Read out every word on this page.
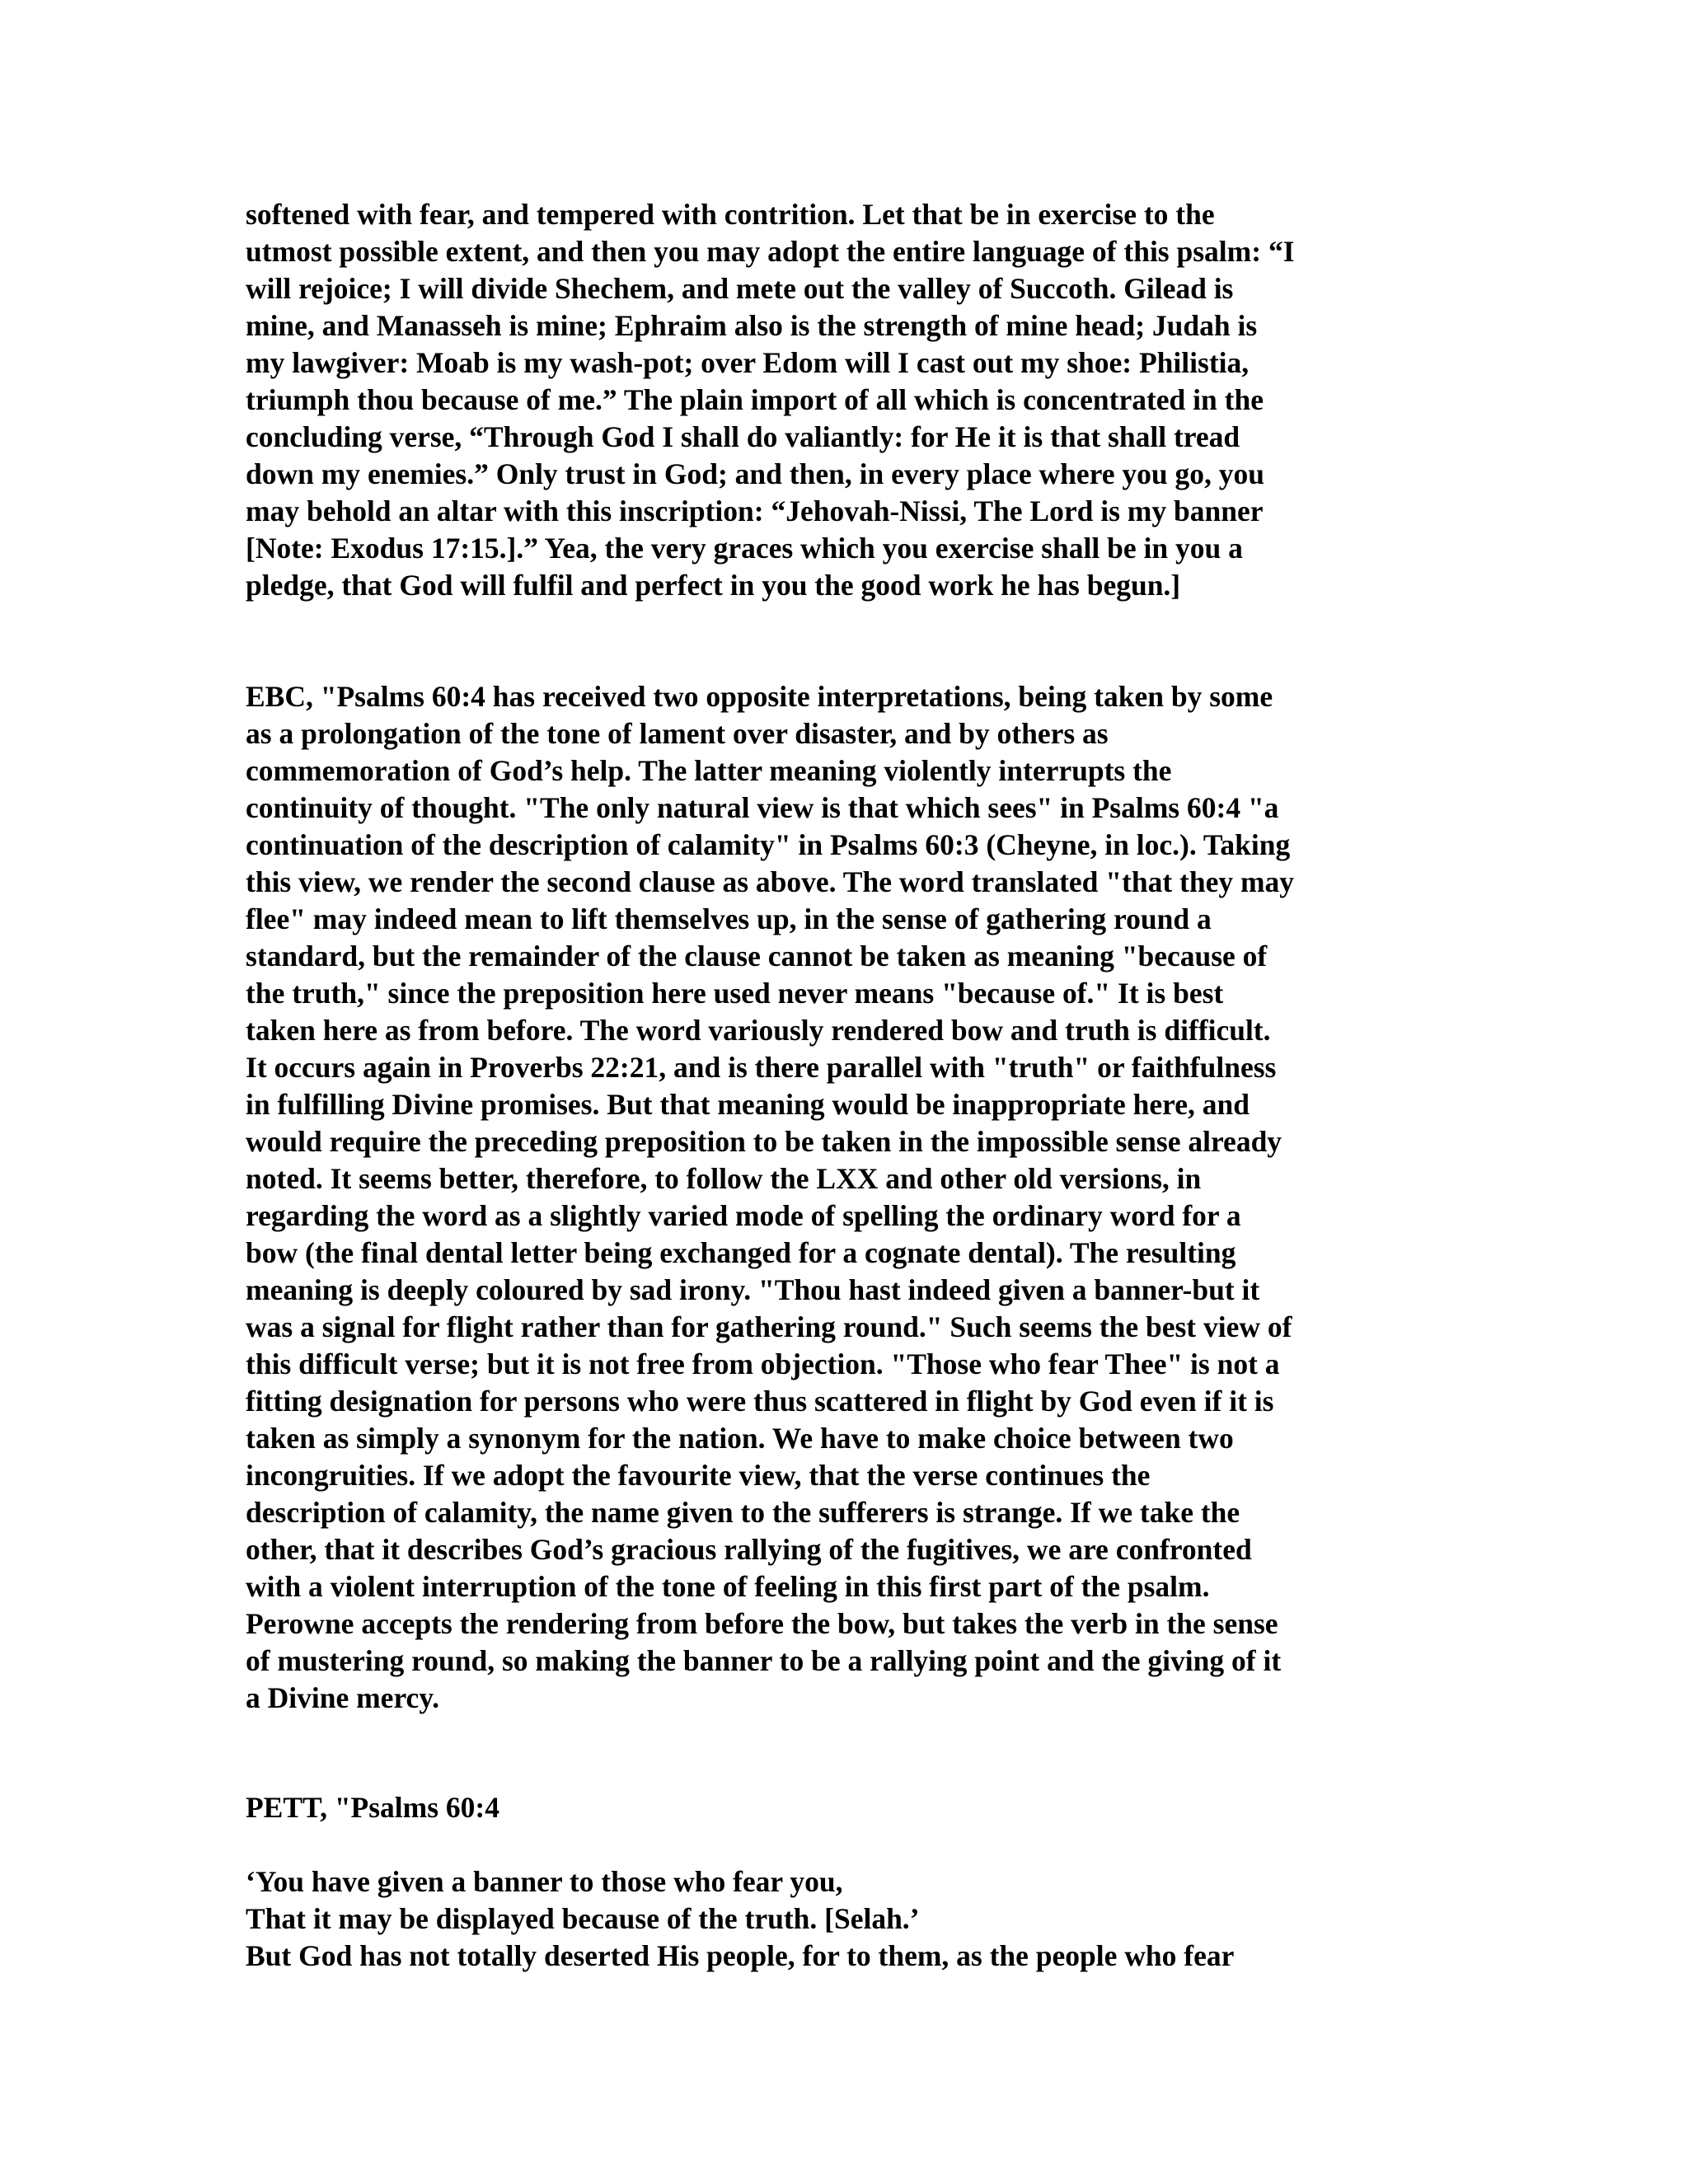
softened with fear, and tempered with contrition. Let that be in exercise to the
utmost possible extent, and then you may adopt the entire language of this psalm: “I
will rejoice; I will divide Shechem, and mete out the valley of Succoth. Gilead is
mine, and Manasseh is mine; Ephraim also is the strength of mine head; Judah is
my lawgiver: Moab is my wash-pot; over Edom will I cast out my shoe: Philistia,
triumph thou because of me.” The plain import of all which is concentrated in the
concluding verse, “Through God I shall do valiantly: for He it is that shall tread
down my enemies.” Only trust in God; and then, in every place where you go, you
may behold an altar with this inscription: “Jehovah-Nissi, The Lord is my banner
[Note: Exodus 17:15.].” Yea, the very graces which you exercise shall be in you a
pledge, that God will fulfil and perfect in you the good work he has begun.]
EBC, "Psalms 60:4 has received two opposite interpretations, being taken by some
as a prolongation of the tone of lament over disaster, and by others as
commemoration of God’s help. The latter meaning violently interrupts the
continuity of thought. "The only natural view is that which sees" in Psalms 60:4 "a
continuation of the description of calamity" in Psalms 60:3 (Cheyne, in loc.). Taking
this view, we render the second clause as above. The word translated "that they may
flee" may indeed mean to lift themselves up, in the sense of gathering round a
standard, but the remainder of the clause cannot be taken as meaning "because of
the truth," since the preposition here used never means "because of." It is best
taken here as from before. The word variously rendered bow and truth is difficult.
It occurs again in Proverbs 22:21, and is there parallel with "truth" or faithfulness
in fulfilling Divine promises. But that meaning would be inappropriate here, and
would require the preceding preposition to be taken in the impossible sense already
noted. It seems better, therefore, to follow the LXX and other old versions, in
regarding the word as a slightly varied mode of spelling the ordinary word for a
bow (the final dental letter being exchanged for a cognate dental). The resulting
meaning is deeply coloured by sad irony. "Thou hast indeed given a banner-but it
was a signal for flight rather than for gathering round." Such seems the best view of
this difficult verse; but it is not free from objection. "Those who fear Thee" is not a
fitting designation for persons who were thus scattered in flight by God even if it is
taken as simply a synonym for the nation. We have to make choice between two
incongruities. If we adopt the favourite view, that the verse continues the
description of calamity, the name given to the sufferers is strange. If we take the
other, that it describes God’s gracious rallying of the fugitives, we are confronted
with a violent interruption of the tone of feeling in this first part of the psalm.
Perowne accepts the rendering from before the bow, but takes the verb in the sense
of mustering round, so making the banner to be a rallying point and the giving of it
a Divine mercy.
PETT, "Psalms 60:4
‘You have given a banner to those who fear you,
That it may be displayed because of the truth. [Selah.’
But God has not totally deserted His people, for to them, as the people who fear
